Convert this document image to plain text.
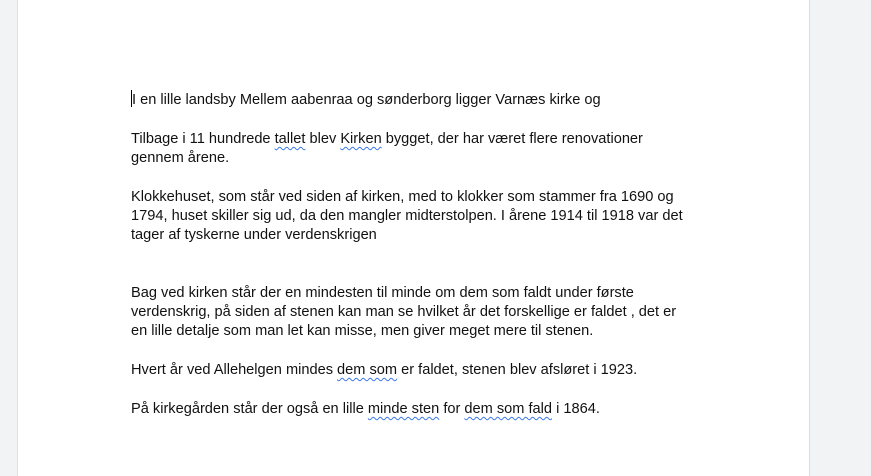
I en lille landsby Mellem aabenraa og sønderborg ligger Varnæs kirke og

Tilbage i 11 hundrede tallet blev Kirken bygget, der har været flere renovationer
gennem årene.

Klokkehuset, som står ved siden af kirken, med to klokker som stammer fra 1690 og
1794, huset skiller sig ud, da den mangler midterstolpen. I årene 1914 til 1918 var det
tager af tyskerne under verdenskrigen

Bag ved kirken står der en mindesten til minde om dem som faldt under første
verdenskrig, på siden af stenen kan man se hvilket år det forskellige er faldet , det er
en lille detalje som man let kan misse, men giver meget mere til stenen.

Hvert år ved Allehelgen mindes dem som er faldet, stenen blev afsløret i 1923.

På kirkegården står der også en lille minde sten for dem som fald i 1864.
